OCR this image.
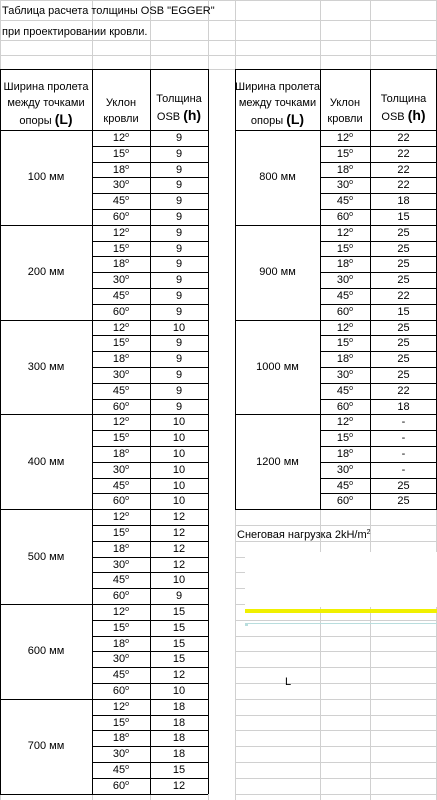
Таблица расчета толщины OSB "EGGER"
при проектировании кровли.
Ширина пролета
между точками
опоры (L)
Уклон
кровли
Толщина
OSB (h)
100 мм
12$^o$	9
15$^o$	9
18$^o$	9
30$^o$	9
45$^o$	9
60$^o$	9
200 мм
12$^o$	9
15$^o$	9
18$^o$	9
30$^o$	9
45$^o$	9
60$^o$	9
300 мм
12$^o$	10
15$^o$	9
18$^o$	9
30$^o$	9
45$^o$	9
60$^o$	9
400 мм
12$^o$	10
15$^o$	10
18$^o$	10
30$^o$	10
45$^o$	10
60$^o$	10
500 мм
12$^o$	12
15$^o$	12
18$^o$	12
30$^o$	12
45$^o$	10
60$^o$	9
600 мм
12$^o$	15
15$^o$	15
18$^o$	15
30$^o$	15
45$^o$	12
60$^o$	10
700 мм
12$^o$	18
15$^o$	18
18$^o$	18
30$^o$	18
45$^o$	15
60$^o$	12
Ширина пролета
между точками
опоры (L)
Уклон
кровли
Толщина
OSB (h)
800 мм
12$^o$	22
15$^o$	22
18$^o$	22
30$^o$	22
45$^o$	18
60$^o$	15
900 мм
12$^o$	25
15$^o$	25
18$^o$	25
30$^o$	25
45$^o$	22
60$^o$	15
1000 мм
12$^o$	25
15$^o$	25
18$^o$	25
30$^o$	25
45$^o$	22
60$^o$	18
1200 мм
12$^o$	-
15$^o$	-
18$^o$	-
30$^o$	-
45$^o$	25
60$^o$	25
Снеговая нагрузка $2kH/m^2$
L
